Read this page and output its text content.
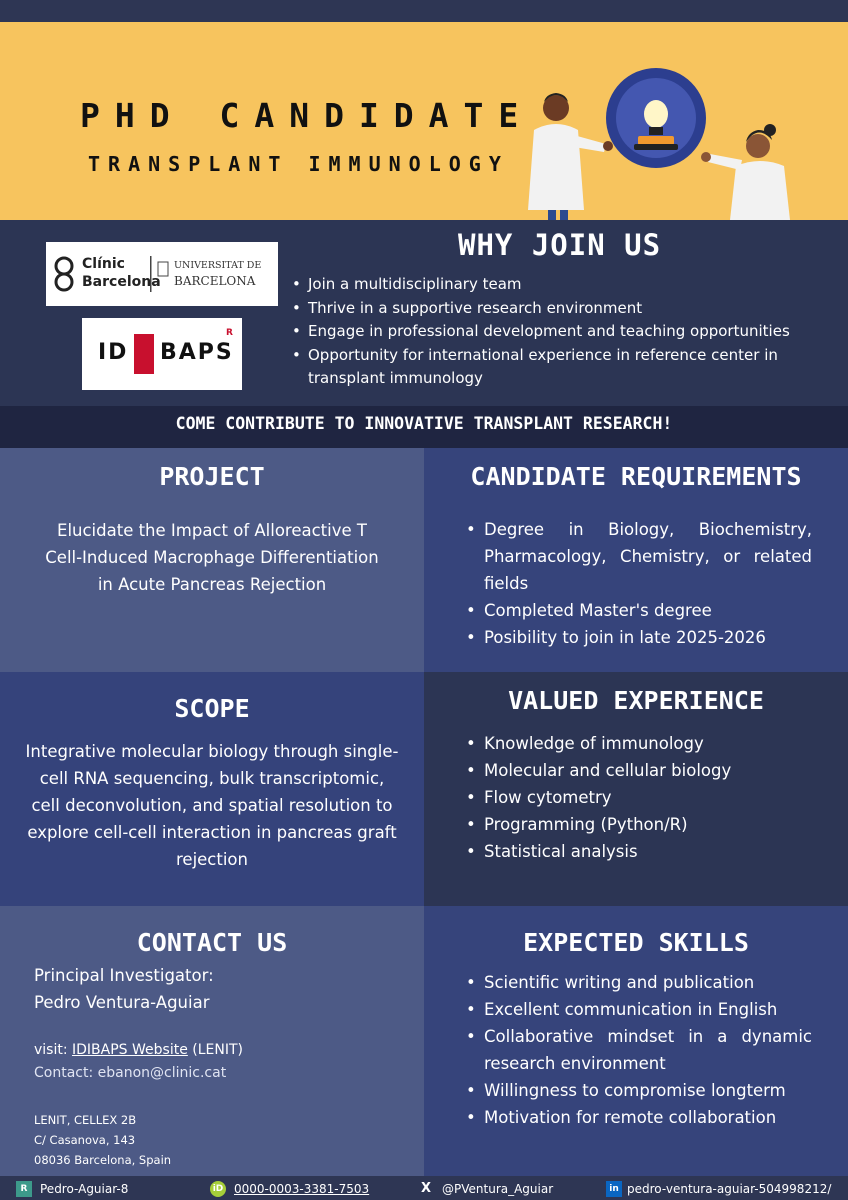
PHD CANDIDATE
TRANSPLANT IMMUNOLOGY
Clínic
Barcelona
UNIVERSITAT DE
BARCELONA
ID BAPS
R
WHY JOIN US
• Join a multidisciplinary team
• Thrive in a supportive research environment
• Engage in professional development and teaching opportunities
• Opportunity for international experience in reference center in transplant immunology
COME CONTRIBUTE TO INNOVATIVE TRANSPLANT RESEARCH!
PROJECT
Elucidate the Impact of Alloreactive T Cell-Induced Macrophage Differentiation in Acute Pancreas Rejection
CANDIDATE REQUIREMENTS
• Degree in Biology, Biochemistry, Pharmacology, Chemistry, or related fields
• Completed Master's degree
• Posibility to join in late 2025-2026
SCOPE
Integrative molecular biology through single-cell RNA sequencing, bulk transcriptomic, cell deconvolution, and spatial resolution to explore cell-cell interaction in pancreas graft rejection
VALUED EXPERIENCE
• Knowledge of immunology
• Molecular and cellular biology
• Flow cytometry
• Programming (Python/R)
• Statistical analysis
CONTACT US
Principal Investigator:
Pedro Ventura-Aguiar
visit: IDIBAPS Website (LENIT)
Contact: ebanon@clinic.cat
LENIT, CELLEX 2B
C/ Casanova, 143
08036 Barcelona, Spain
EXPECTED SKILLS
• Scientific writing and publication
• Excellent communication in English
• Collaborative mindset in a dynamic research environment
• Willingness to compromise longterm
• Motivation for remote collaboration
R	Pedro-Aguiar-8	iD 0000-0003-3381-7503	X @PVentura_Aguiar	in pedro-ventura-aguiar-504998212/
